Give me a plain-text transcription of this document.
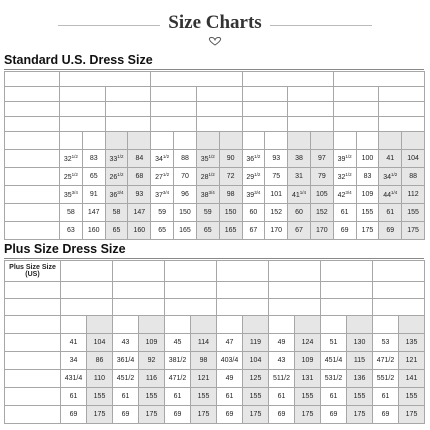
Size Charts
Standard U.S. Dress Size

	$32^{1/2}$	83	$33^{1/2}$	84	$34^{1/2}$	88	$35^{1/2}$	90	$36^{1/2}$	93	38	97	$39^{1/2}$	100	41	104
	$25^{1/2}$	65	$26^{1/2}$	68	$27^{1/2}$	70	$28^{1/2}$	72	$29^{1/2}$	75	31	79	$32^{1/2}$	83	$34^{1/2}$	88
	$35^{3/4}$	91	$36^{3/4}$	93	$37^{3/4}$	96	$38^{3/4}$	98	$39^{3/4}$	101	$41^{1/4}$	105	$42^{3/4}$	109	$44^{1/4}$	112
	58	147	58	147	59	150	59	150	60	152	60	152	61	155	61	155
	63	160	65	160	65	165	65	165	67	170	67	170	69	175	69	175
Plus Size Dress Size
Plus Size Size
(US)														

	41	104	43	109	45	114	47	119	49	124	51	130	53	135
	34	86	361/4	92	381/2	98	403/4	104	43	109	451/4	115	471/2	121
	431/4	110	451/2	116	471/2	121	49	125	511/2	131	531/2	136	551/2	141
	61	155	61	155	61	155	61	155	61	155	61	155	61	155
	69	175	69	175	69	175	69	175	69	175	69	175	69	175
